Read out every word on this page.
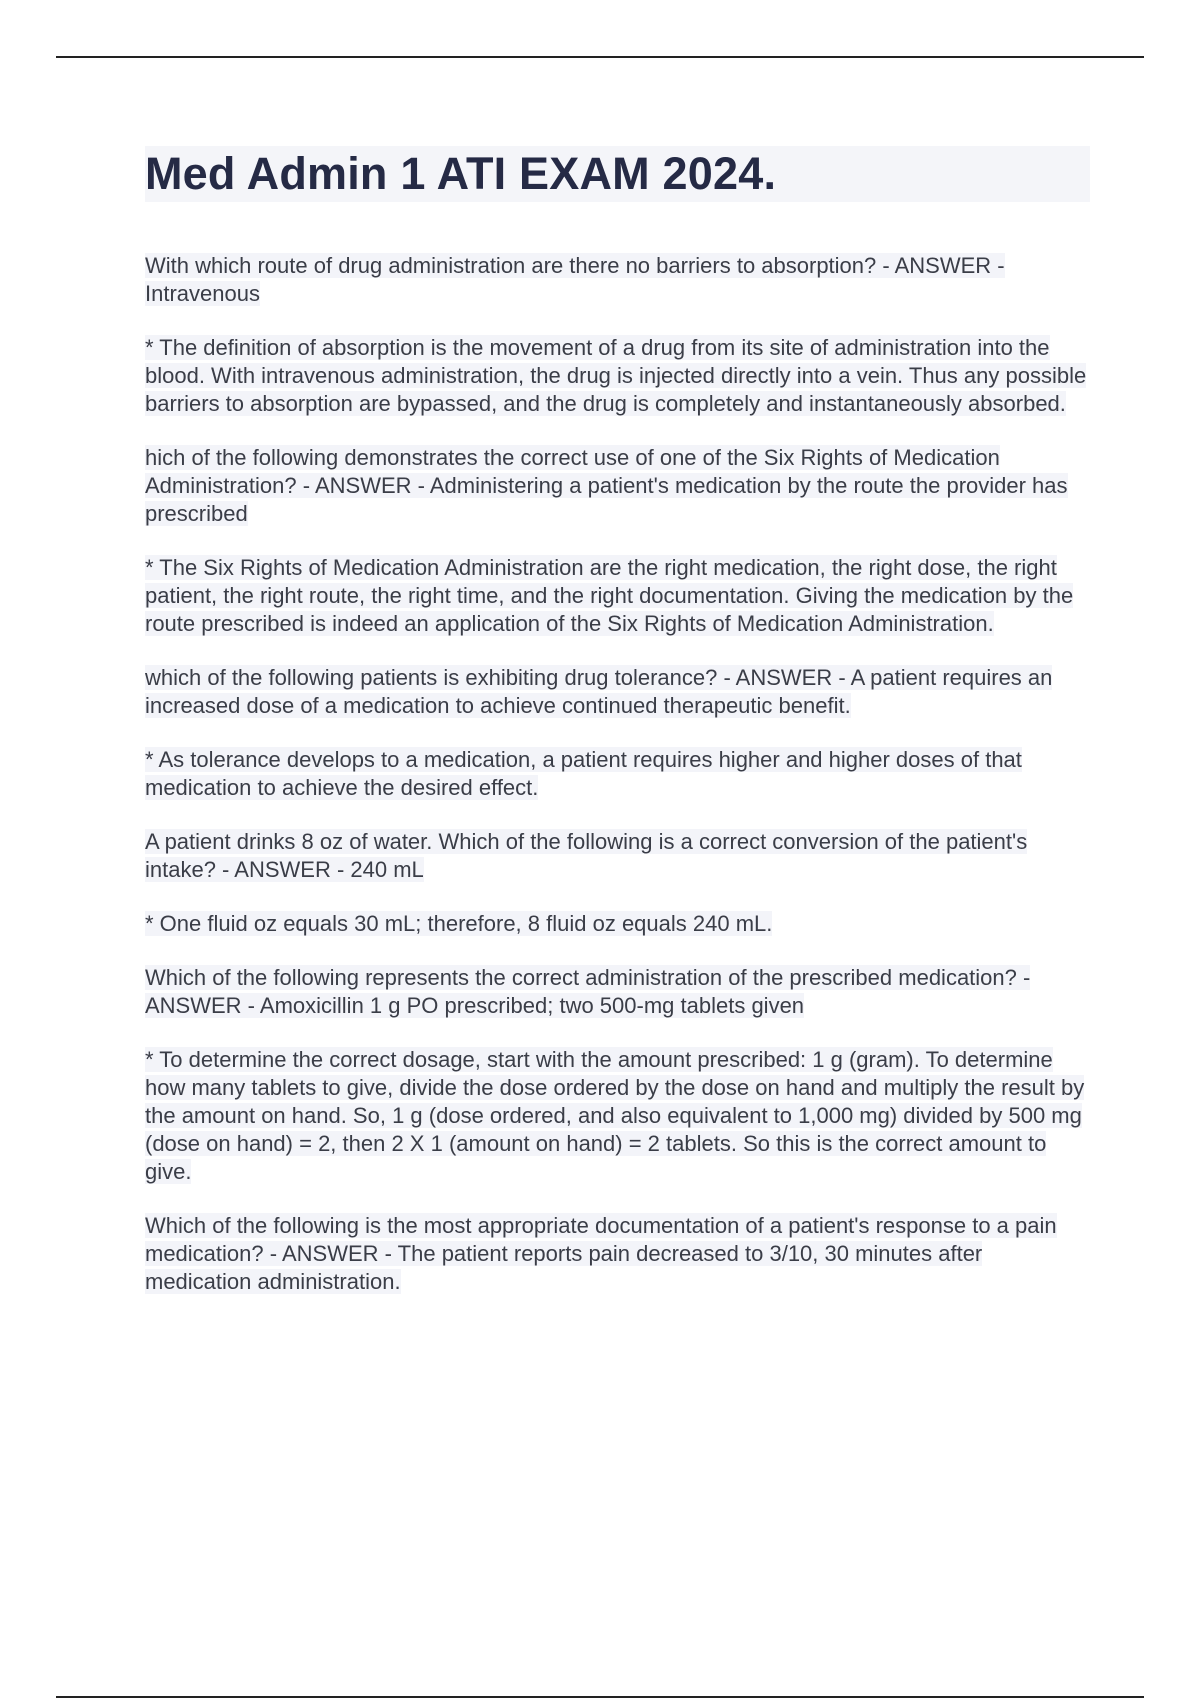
Med Admin 1 ATI EXAM 2024.

With which route of drug administration are there no barriers to absorption? - ANSWER - Intravenous

* The definition of absorption is the movement of a drug from its site of administration into the blood. With intravenous administration, the drug is injected directly into a vein. Thus any possible barriers to absorption are bypassed, and the drug is completely and instantaneously absorbed.

hich of the following demonstrates the correct use of one of the Six Rights of Medication Administration? - ANSWER - Administering a patient's medication by the route the provider has prescribed

* The Six Rights of Medication Administration are the right medication, the right dose, the right patient, the right route, the right time, and the right documentation. Giving the medication by the route prescribed is indeed an application of the Six Rights of Medication Administration.

which of the following patients is exhibiting drug tolerance? - ANSWER - A patient requires an increased dose of a medication to achieve continued therapeutic benefit.

* As tolerance develops to a medication, a patient requires higher and higher doses of that medication to achieve the desired effect.

A patient drinks 8 oz of water. Which of the following is a correct conversion of the patient's intake? - ANSWER - 240 mL

* One fluid oz equals 30 mL; therefore, 8 fluid oz equals 240 mL.

Which of the following represents the correct administration of the prescribed medication? - ANSWER - Amoxicillin 1 g PO prescribed; two 500-mg tablets given

* To determine the correct dosage, start with the amount prescribed: 1 g (gram). To determine how many tablets to give, divide the dose ordered by the dose on hand and multiply the result by the amount on hand. So, 1 g (dose ordered, and also equivalent to 1,000 mg) divided by 500 mg (dose on hand) = 2, then 2 X 1 (amount on hand) = 2 tablets. So this is the correct amount to give.

Which of the following is the most appropriate documentation of a patient's response to a pain medication? - ANSWER - The patient reports pain decreased to 3/10, 30 minutes after medication administration.
